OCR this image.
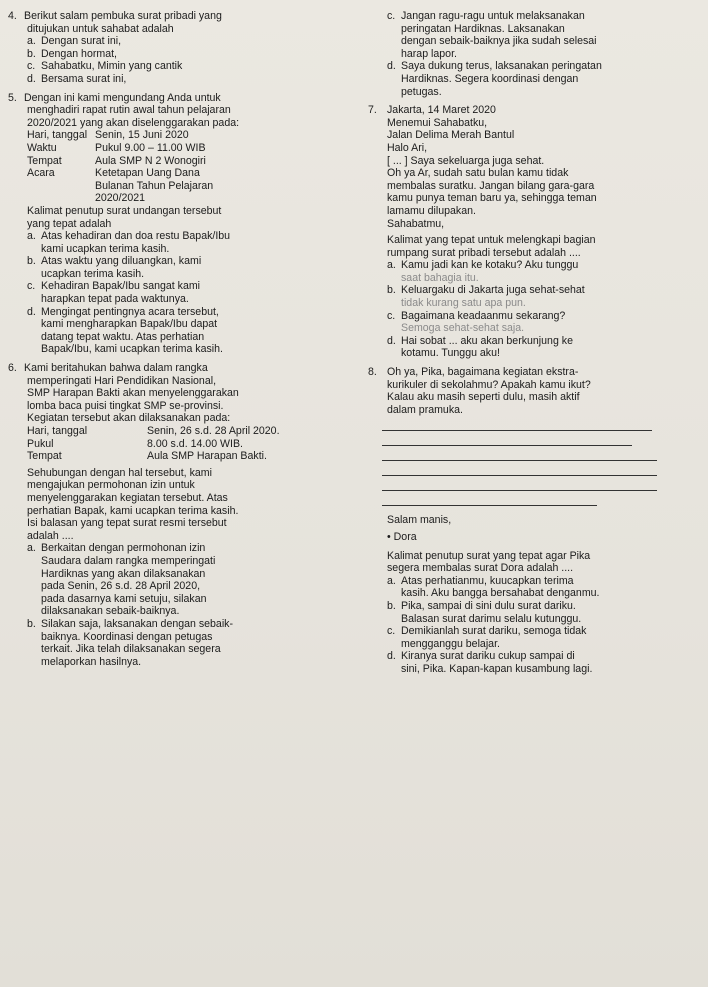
4. Berikut salam pembuka surat pribadi yang
ditujukan untuk sahabat adalah
a. Dengan surat ini,
b. Dengan hormat,
c. Sahabatku, Mimin yang cantik
d. Bersama surat ini,
5. Dengan ini kami mengundang Anda untuk
menghadiri rapat rutin awal tahun pelajaran
2020/2021 yang akan diselenggarakan pada:
Hari, tanggal Senin, 15 Juni 2020
Waktu	Pukul 9.00 – 11.00 WIB
Tempat	Aula SMP N 2 Wonogiri
Acara	Ketetapan Uang Dana
Bulanan Tahun Pelajaran
2020/2021
Kalimat penutup surat undangan tersebut
yang tepat adalah
a. Atas kehadiran dan doa restu Bapak/Ibu
kami ucapkan terima kasih.
b. Atas waktu yang diluangkan, kami
ucapkan terima kasih.
c. Kehadiran Bapak/Ibu sangat kami
harapkan tepat pada waktunya.
d. Mengingat pentingnya acara tersebut,
kami mengharapkan Bapak/Ibu dapat
datang tepat waktu. Atas perhatian
Bapak/Ibu, kami ucapkan terima kasih.
6. Kami beritahukan bahwa dalam rangka
memperingati Hari Pendidikan Nasional,
SMP Harapan Bakti akan menyelenggarakan
lomba baca puisi tingkat SMP se-provinsi.
Kegiatan tersebut akan dilaksanakan pada:
Hari, tanggal	Senin, 26 s.d. 28 April 2020.
Pukul	8.00 s.d. 14.00 WIB.
Tempat	Aula SMP Harapan Bakti.
Sehubungan dengan hal tersebut, kami
mengajukan permohonan izin untuk
menyelenggarakan kegiatan tersebut. Atas
perhatian Bapak, kami ucapkan terima kasih.
Isi balasan yang tepat surat resmi tersebut
adalah ....
a. Berkaitan dengan permohonan izin
Saudara dalam rangka memperingati
Hardiknas yang akan dilaksanakan
pada Senin, 26 s.d. 28 April 2020,
pada dasarnya kami setuju, silakan
dilaksanakan sebaik-baiknya.
b. Silakan saja, laksanakan dengan sebaik-
baiknya. Koordinasi dengan petugas
terkait. Jika telah dilaksanakan segera
melaporkan hasilnya.
c. Jangan ragu-ragu untuk melaksanakan
peringatan Hardiknas. Laksanakan
dengan sebaik-baiknya jika sudah selesai
harap lapor.
d. Saya dukung terus, laksanakan peringatan
Hardiknas. Segera koordinasi dengan
petugas.
7. Jakarta, 14 Maret 2020
Menemui Sahabatku,
Jalan Delima Merah Bantul
Halo Ari,
[ ... ] Saya sekeluarga juga sehat.
Oh ya Ar, sudah satu bulan kamu tidak
membalas suratku. Jangan bilang gara-gara
kamu punya teman baru ya, sehingga teman
lamamu dilupakan.
Sahabatmu,
Kalimat yang tepat untuk melengkapi bagian
rumpang surat pribadi tersebut adalah ....
a. Kamu jadi kan ke kotaku? Aku tunggu
saat bahagia itu.
b. Keluargaku di Jakarta juga sehat-sehat
tidak kurang satu apa pun.
c. Bagaimana keadaanmu sekarang?
Semoga sehat-sehat saja.
d. Hai sobat ... aku akan berkunjung ke
kotamu. Tunggu aku!
8. Oh ya, Pika, bagaimana kegiatan ekstra-
kurikuler di sekolahmu? Apakah kamu ikut?
Kalau aku masih seperti dulu, masih aktif
dalam pramuka.
Salam manis,
• Dora
Kalimat penutup surat yang tepat agar Pika
segera membalas surat Dora adalah ....
a. Atas perhatianmu, kuucapkan terima
kasih. Aku bangga bersahabat denganmu.
b. Pika, sampai di sini dulu surat dariku.
Balasan surat darimu selalu kutunggu.
c. Demikianlah surat dariku, semoga tidak
mengganggu belajar.
d. Kiranya surat dariku cukup sampai di
sini, Pika. Kapan-kapan kusambung lagi.
